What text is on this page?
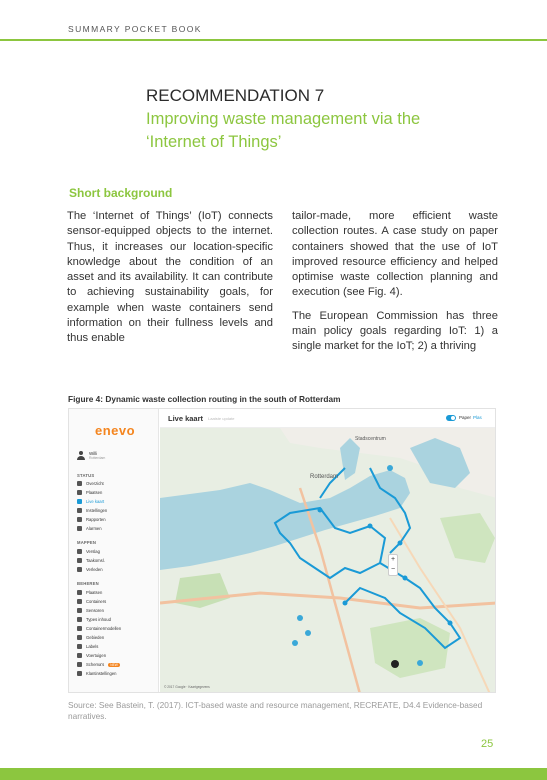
SUMMARY POCKET BOOK
RECOMMENDATION 7
Improving waste management via the ‘Internet of Things’
Short background

The ‘Internet of Things’ (IoT) connects sensor-equipped objects to the internet. Thus, it increases our location-specific knowledge about the condition of an asset and its availability. It can contribute to achieving sustainability goals, for example when waste containers send information on their fullness levels and thus enable

tailor-made, more efficient waste collection routes. A case study on paper containers showed that the use of IoT improved resource efficiency and helped optimise waste collection planning and execution (see Fig. 4).

The European Commission has three main policy goals regarding IoT: 1) a single market for the IoT; 2) a thriving

Figure 4: Dynamic waste collection routing in the south of Rotterdam
enevo
Willi
Rotterdam
STATUS
Overzicht
Plaatsen
Live kaart
Instellingen
Rapporten
Alarmen
MAPPEN
Verslag
Taakomsl.
Verleden
BEHEREN
Plaatsen
Containers
Sensoren
Types inhoud
Containermodellen
Gebieden
Labels
Voertuigen
Schema's	NEW
Klantinstellingen
Live kaart Laatste update	Paper Plas
Stadscentrum
Rotterdam
+
−
© 2017 Google · Kaartgegevens
Source: See Bastein, T. (2017). ICT-based waste and resource management, RECREATE, D4.4 Evidence-based narratives.
25
